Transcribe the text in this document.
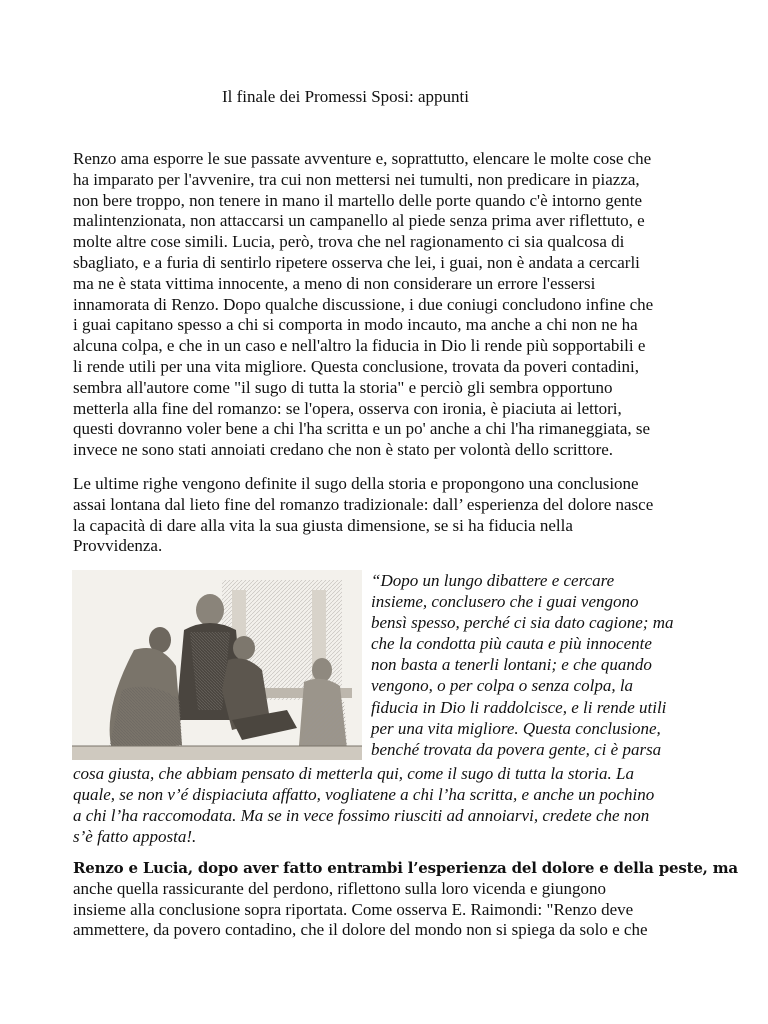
Il finale dei Promessi Sposi: appunti
Renzo ama esporre le sue passate avventure e, soprattutto, elencare le molte cose che
ha imparato per l'avvenire, tra cui non mettersi nei tumulti, non predicare in piazza,
non bere troppo, non tenere in mano il martello delle porte quando c'è intorno gente
malintenzionata, non attaccarsi un campanello al piede senza prima aver riflettuto, e
molte altre cose simili. Lucia, però, trova che nel ragionamento ci sia qualcosa di
sbagliato, e a furia di sentirlo ripetere osserva che lei, i guai, non è andata a cercarli
ma ne è stata vittima innocente, a meno di non considerare un errore l'essersi
innamorata di Renzo. Dopo qualche discussione, i due coniugi concludono infine che
i guai capitano spesso a chi si comporta in modo incauto, ma anche a chi non ne ha
alcuna colpa, e che in un caso e nell'altro la fiducia in Dio li rende più sopportabili e
li rende utili per una vita migliore. Questa conclusione, trovata da poveri contadini,
sembra all'autore come "il sugo di tutta la storia" e perciò gli sembra opportuno
metterla alla fine del romanzo: se l'opera, osserva con ironia, è piaciuta ai lettori,
questi dovranno voler bene a chi l'ha scritta e un po' anche a chi l'ha rimaneggiata, se
invece ne sono stati annoiati credano che non è stato per volontà dello scrittore.
Le ultime righe vengono definite il sugo della storia e propongono una conclusione
assai lontana dal lieto fine del romanzo tradizionale: dall’ esperienza del dolore nasce
la capacità di dare alla vita la sua giusta dimensione, se si ha fiducia nella
Provvidenza.
“Dopo un lungo dibattere e cercare
insieme, conclusero che i guai vengono
bensì spesso, perché ci sia dato cagione; ma
che la condotta più cauta e più innocente
non basta a tenerli lontani; e che quando
vengono, o per colpa o senza colpa, la
fiducia in Dio li raddolcisce, e li rende utili
per una vita migliore. Questa conclusione,
benché trovata da povera gente, ci è parsa
cosa giusta, che abbiam pensato di metterla qui, come il sugo di tutta la storia. La
quale, se non v’é dispiaciuta affatto, vogliatene a chi l’ha scritta, e anche un pochino
a chi l’ha raccomodata. Ma se in vece fossimo riusciti ad annoiarvi, credete che non
s’è fatto apposta!.
Renzo e Lucia, dopo aver fatto entrambi l’esperienza del dolore e della peste, ma
anche quella rassicurante del perdono, riflettono sulla loro vicenda e giungono
insieme alla conclusione sopra riportata. Come osserva E. Raimondi: "Renzo deve
ammettere, da povero contadino, che il dolore del mondo non si spiega da solo e che
